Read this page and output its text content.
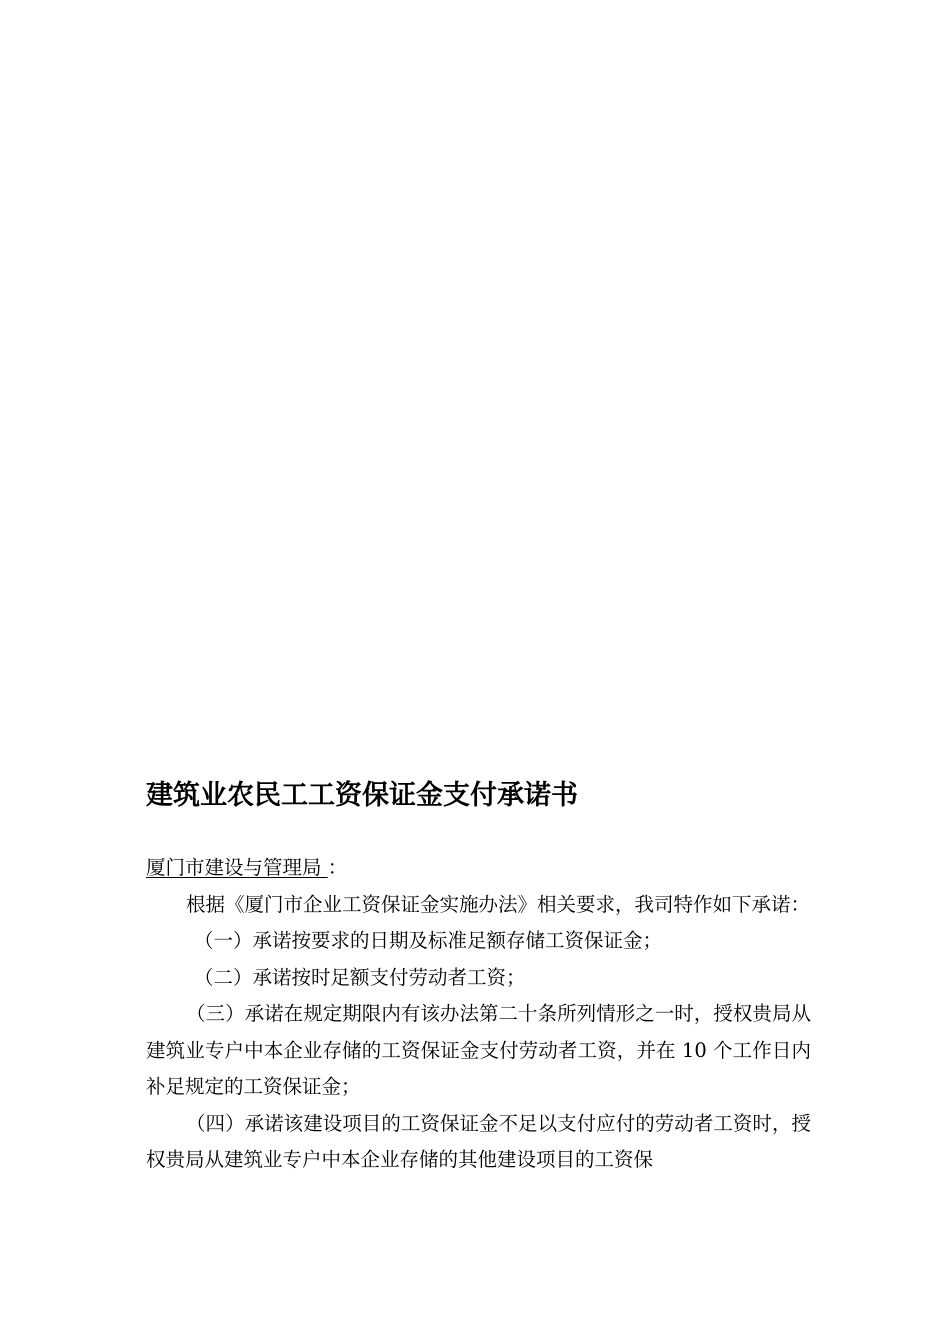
建筑业农民工工资保证金支付承诺书

厦门市建设与管理局 ：

根据《厦门市企业工资保证金实施办法》相关要求，我司特作如下承诺：

（一）承诺按要求的日期及标准足额存储工资保证金；

（二）承诺按时足额支付劳动者工资；

（三）承诺在规定期限内有该办法第二十条所列情形之一时，授权贵局从建筑业专户中本企业存储的工资保证金支付劳动者工资，并在 10 个工作日内补足规定的工资保证金；

（四）承诺该建设项目的工资保证金不足以支付应付的劳动者工资时，授权贵局从建筑业专户中本企业存储的其他建设项目的工资保
